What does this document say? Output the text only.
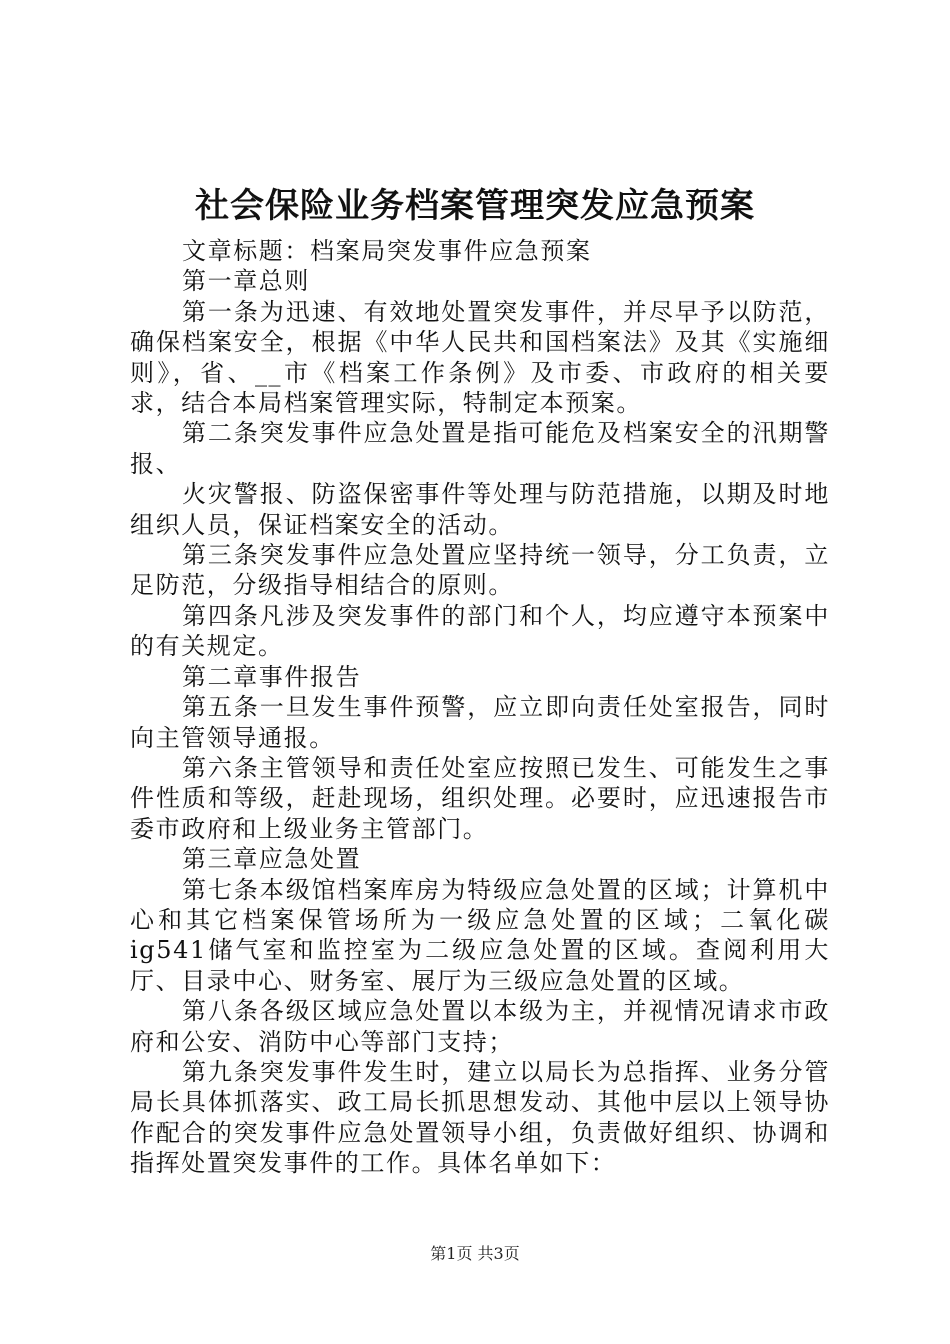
社会保险业务档案管理突发应急预案

文章标题：档案局突发事件应急预案

第一章总则

第一条为迅速、有效地处置突发事件，并尽早予以防范，确保档案安全，根据《中华人民共和国档案法》及其《实施细则》，省、__市《档案工作条例》及市委、市政府的相关要求，结合本局档案管理实际，特制定本预案。

第二条突发事件应急处置是指可能危及档案安全的汛期警报、

火灾警报、防盗保密事件等处理与防范措施，以期及时地组织人员，保证档案安全的活动。

第三条突发事件应急处置应坚持统一领导，分工负责，立足防范，分级指导相结合的原则。

第四条凡涉及突发事件的部门和个人，均应遵守本预案中的有关规定。

第二章事件报告

第五条一旦发生事件预警，应立即向责任处室报告，同时向主管领导通报。

第六条主管领导和责任处室应按照已发生、可能发生之事件性质和等级，赶赴现场，组织处理。必要时，应迅速报告市委市政府和上级业务主管部门。

第三章应急处置

第七条本级馆档案库房为特级应急处置的区域；计算机中心和其它档案保管场所为一级应急处置的区域；二氧化碳ig541储气室和监控室为二级应急处置的区域。查阅利用大厅、目录中心、财务室、展厅为三级应急处置的区域。

第八条各级区域应急处置以本级为主，并视情况请求市政府和公安、消防中心等部门支持；

第九条突发事件发生时，建立以局长为总指挥、业务分管局长具体抓落实、政工局长抓思想发动、其他中层以上领导协作配合的突发事件应急处置领导小组，负责做好组织、协调和指挥处置突发事件的工作。具体名单如下：

第1页 共3页
